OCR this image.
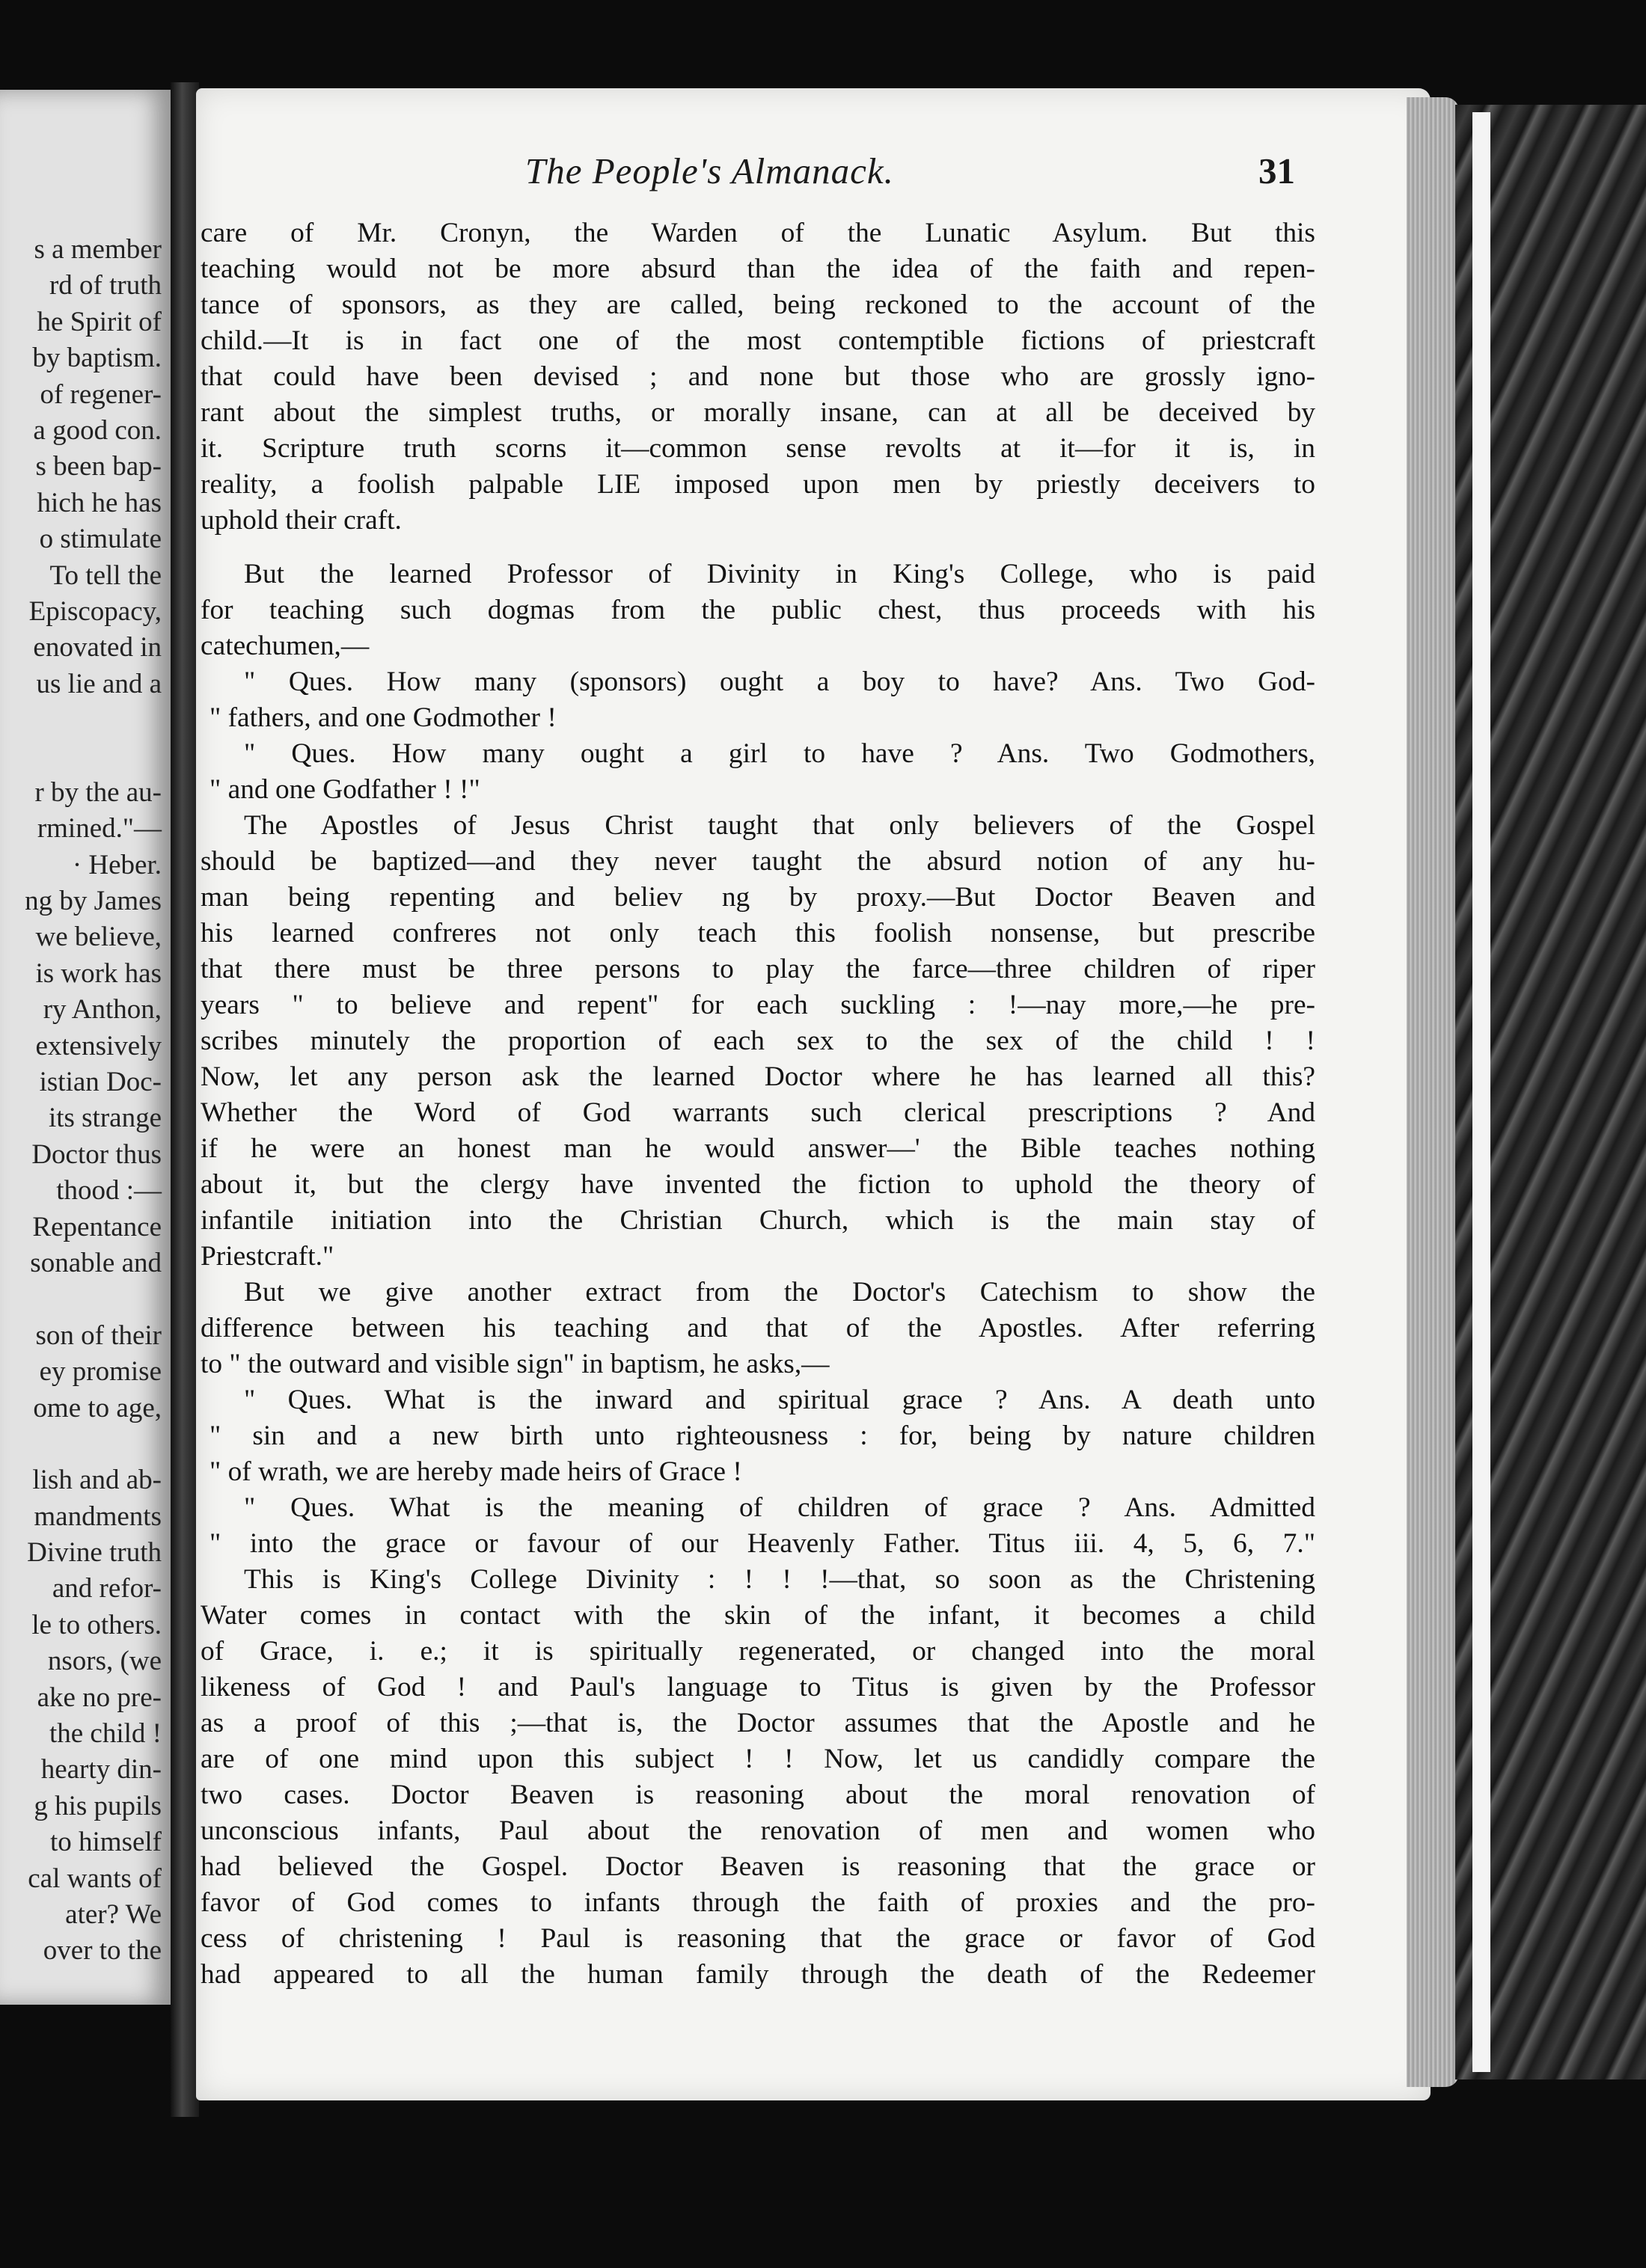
s a member
rd of truth
he Spirit of
by baptism.
of regener-
a good con.
s been bap-
hich he has
o stimulate
To tell the
Episcopacy,
enovated in
us lie and a
r by the au-
rmined."—
· Heber.
ng by James
we believe,
is work has
ry Anthon,
extensively
istian Doc-
its strange
Doctor thus
thood :—
Repentance
sonable and
son of their
ey promise
ome to age,
lish and ab-
mandments
Divine truth
and refor-
le to others.
nsors, (we
ake no pre-
the child !
hearty din-
g his pupils
to himself
cal wants of
ater? We
over to the
The People's Almanack.	31
care of Mr. Cronyn, the Warden of the Lunatic Asylum. But this
teaching would not be more absurd than the idea of the faith and repen-
tance of sponsors, as they are called, being reckoned to the account of the
child.—It is in fact one of the most contemptible fictions of priestcraft
that could have been devised ; and none but those who are grossly igno-
rant about the simplest truths, or morally insane, can at all be deceived by
it. Scripture truth scorns it—common sense revolts at it—for it is, in
reality, a foolish palpable LIE imposed upon men by priestly deceivers to
uphold their craft.
But the learned Professor of Divinity in King's College, who is paid
for teaching such dogmas from the public chest, thus proceeds with his
catechumen,—
" Ques. How many (sponsors) ought a boy to have? Ans. Two God-
" fathers, and one Godmother !
" Ques. How many ought a girl to have ? Ans. Two Godmothers,
" and one Godfather ! !"
The Apostles of Jesus Christ taught that only believers of the Gospel
should be baptized—and they never taught the absurd notion of any hu-
man being repenting and believ ng by proxy.—But Doctor Beaven and
his learned confreres not only teach this foolish nonsense, but prescribe
that there must be three persons to play the farce—three children of riper
years " to believe and repent" for each suckling : !—nay more,—he pre-
scribes minutely the proportion of each sex to the sex of the child ! !
Now, let any person ask the learned Doctor where he has learned all this?
Whether the Word of God warrants such clerical prescriptions ? And
if he were an honest man he would answer—' the Bible teaches nothing
about it, but the clergy have invented the fiction to uphold the theory of
infantile initiation into the Christian Church, which is the main stay of
Priestcraft."
But we give another extract from the Doctor's Catechism to show the
difference between his teaching and that of the Apostles. After referring
to " the outward and visible sign" in baptism, he asks,—
" Ques. What is the inward and spiritual grace ? Ans. A death unto
" sin and a new birth unto righteousness : for, being by nature children
" of wrath, we are hereby made heirs of Grace !
" Ques. What is the meaning of children of grace ? Ans. Admitted
" into the grace or favour of our Heavenly Father. Titus iii. 4, 5, 6, 7."
This is King's College Divinity : ! ! !—that, so soon as the Christening
Water comes in contact with the skin of the infant, it becomes a child
of Grace, i. e.; it is spiritually regenerated, or changed into the moral
likeness of God ! and Paul's language to Titus is given by the Professor
as a proof of this ;—that is, the Doctor assumes that the Apostle and he
are of one mind upon this subject ! ! Now, let us candidly compare the
two cases. Doctor Beaven is reasoning about the moral renovation of
unconscious infants, Paul about the renovation of men and women who
had believed the Gospel. Doctor Beaven is reasoning that the grace or
favor of God comes to infants through the faith of proxies and the pro-
cess of christening ! Paul is reasoning that the grace or favor of God
had appeared to all the human family through the death of the Redeemer
